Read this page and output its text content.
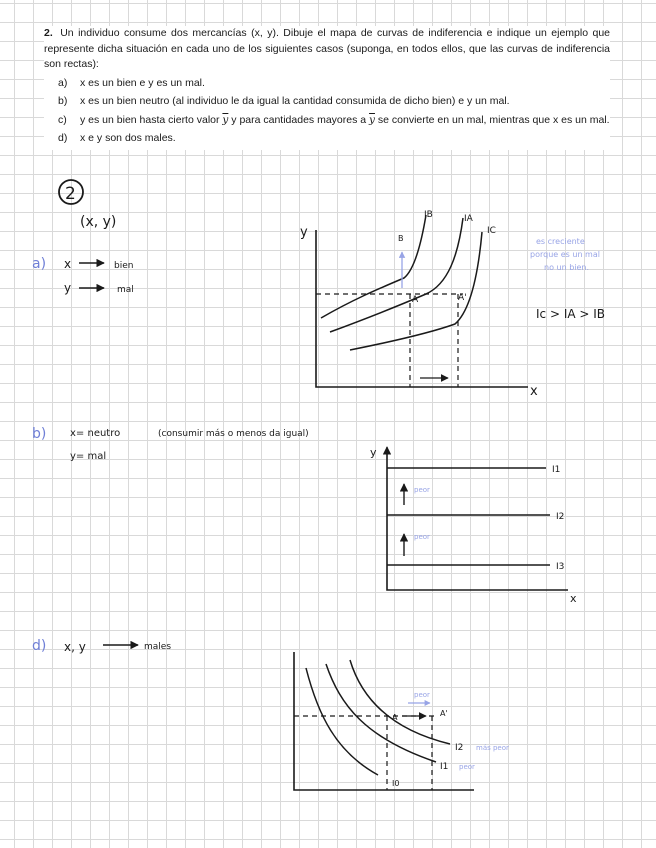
2. Un individuo consume dos mercancías (x, y). Dibuje el mapa de curvas de indiferencia e indique un ejemplo que represente dicha situación en cada uno de los siguientes casos (suponga, en todos ellos, que las curvas de indiferencia son rectas):
a) x es un bien e y es un mal.
b) x es un bien neutro (al individuo le da igual la cantidad consumida de dicho bien) e y un mal.
c) y es un bien hasta cierto valor $\overline{y}$ y para cantidades mayores a $\overline{y}$ se convierte en un mal, mientras que x es un mal.
d) x e y son dos males.
2
(x, y)
a) x	bien
y	mal
y
x
B
A	A'
IB	IA
IC
es creciente
porque es un mal
no un bien.
Ic > IA > IB
b) x= neutro	(consumir más o menos da igual)
y= mal	y
x
I1
I2
I3
peor
peor
d) x, y	males
peor
A	A'
I2 más peor
I1 peor
I0
